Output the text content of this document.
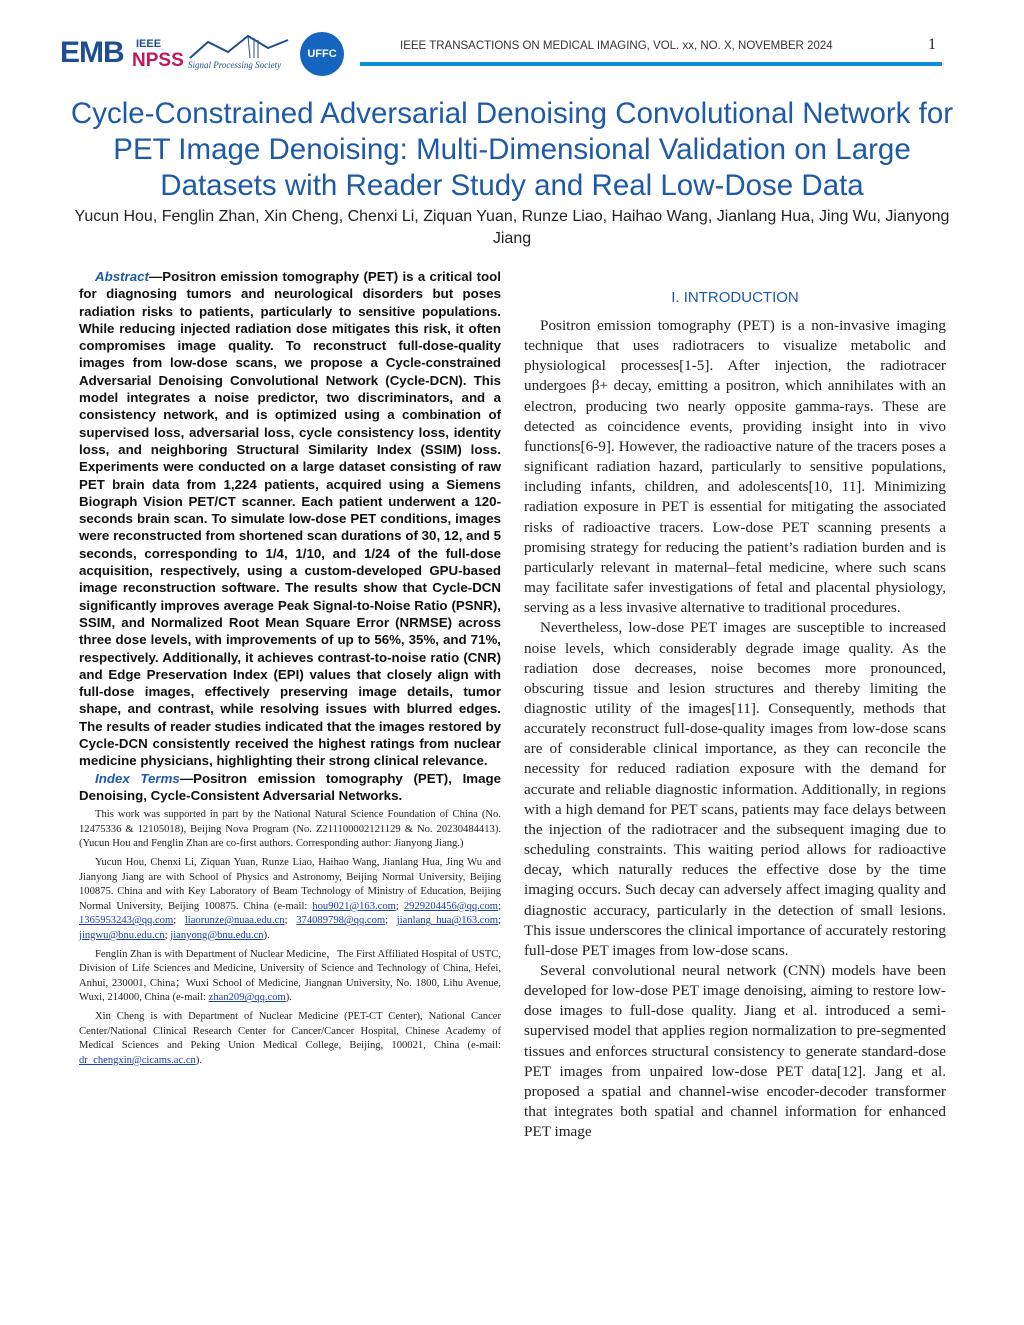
EMB IEEE
NPSS Signal Processing Society
UFFC
IEEE TRANSACTIONS ON MEDICAL IMAGING, VOL. xx, NO. X, NOVEMBER 2024	1
Cycle-Constrained Adversarial Denoising Convolutional Network for PET Image Denoising: Multi-Dimensional Validation on Large Datasets with Reader Study and Real Low-Dose Data
Yucun Hou, Fenglin Zhan, Xin Cheng, Chenxi Li, Ziquan Yuan, Runze Liao, Haihao Wang, Jianlang Hua, Jing Wu, Jianyong Jiang

Abstract—Positron emission tomography (PET) is a critical tool for diagnosing tumors and neurological disorders but poses radiation risks to patients, particularly to sensitive populations. While reducing injected radiation dose mitigates this risk, it often compromises image quality. To reconstruct full-dose-quality images from low-dose scans, we propose a Cycle-constrained Adversarial Denoising Convolutional Network (Cycle-DCN). This model integrates a noise predictor, two discriminators, and a consistency network, and is optimized using a combination of supervised loss, adversarial loss, cycle consistency loss, identity loss, and neighboring Structural Similarity Index (SSIM) loss. Experiments were conducted on a large dataset consisting of raw PET brain data from 1,224 patients, acquired using a Siemens Biograph Vision PET/CT scanner. Each patient underwent a 120-seconds brain scan. To simulate low-dose PET conditions, images were reconstructed from shortened scan durations of 30, 12, and 5 seconds, corresponding to 1/4, 1/10, and 1/24 of the full-dose acquisition, respectively, using a custom-developed GPU-based image reconstruction software. The results show that Cycle-DCN significantly improves average Peak Signal-to-Noise Ratio (PSNR), SSIM, and Normalized Root Mean Square Error (NRMSE) across three dose levels, with improvements of up to 56%, 35%, and 71%, respectively. Additionally, it achieves contrast-to-noise ratio (CNR) and Edge Preservation Index (EPI) values that closely align with full-dose images, effectively preserving image details, tumor shape, and contrast, while resolving issues with blurred edges. The results of reader studies indicated that the images restored by Cycle-DCN consistently received the highest ratings from nuclear medicine physicians, highlighting their strong clinical relevance.

Index Terms—Positron emission tomography (PET), Image Denoising, Cycle-Consistent Adversarial Networks.

This work was supported in part by the National Natural Science Foundation of China (No. 12475336 & 12105018), Beijing Nova Program (No. Z211100002121129 & No. 20230484413). (Yucun Hou and Fenglin Zhan are co-first authors. Corresponding author: Jianyong Jiang.)

Yucun Hou, Chenxi Li, Ziquan Yuan, Runze Liao, Haihao Wang, Jianlang Hua, Jing Wu and Jianyong Jiang are with School of Physics and Astronomy, Beijing Normal University, Beijing 100875. China and with Key Laboratory of Beam Technology of Ministry of Education, Beijing Normal University, Beijing 100875. China (e-mail: hou9021@163.com; 2929204456@qq.com; 1365953243@qq.com; liaorunze@nuaa.edu.cn; 374089798@qq.com; jianlang_hua@163.com; jingwu@bnu.edu.cn; jianyong@bnu.edu.cn).

Fenglin Zhan is with Department of Nuclear Medicine，The First Affiliated Hospital of USTC, Division of Life Sciences and Medicine, University of Science and Technology of China, Hefei, Anhui, 230001, China；Wuxi School of Medicine, Jiangnan University, No. 1800, Lihu Avenue, Wuxi, 214000, China (e-mail: zhan209@qq.com).

Xin Cheng is with Department of Nuclear Medicine (PET-CT Center), National Cancer Center/National Clinical Research Center for Cancer/Cancer Hospital, Chinese Academy of Medical Sciences and Peking Union Medical College, Beijing, 100021, China (e-mail: dr_chengxin@cicams.ac.cn).

I. INTRODUCTION

Positron emission tomography (PET) is a non-invasive imaging technique that uses radiotracers to visualize metabolic and physiological processes[1-5]. After injection, the radiotracer undergoes β+ decay, emitting a positron, which annihilates with an electron, producing two nearly opposite gamma-rays. These are detected as coincidence events, providing insight into in vivo functions[6-9]. However, the radioactive nature of the tracers poses a significant radiation hazard, particularly to sensitive populations, including infants, children, and adolescents[10, 11]. Minimizing radiation exposure in PET is essential for mitigating the associated risks of radioactive tracers. Low-dose PET scanning presents a promising strategy for reducing the patient’s radiation burden and is particularly relevant in maternal–fetal medicine, where such scans may facilitate safer investigations of fetal and placental physiology, serving as a less invasive alternative to traditional procedures.

Nevertheless, low-dose PET images are susceptible to increased noise levels, which considerably degrade image quality. As the radiation dose decreases, noise becomes more pronounced, obscuring tissue and lesion structures and thereby limiting the diagnostic utility of the images[11]. Consequently, methods that accurately reconstruct full-dose-quality images from low-dose scans are of considerable clinical importance, as they can reconcile the necessity for reduced radiation exposure with the demand for accurate and reliable diagnostic information. Additionally, in regions with a high demand for PET scans, patients may face delays between the injection of the radiotracer and the subsequent imaging due to scheduling constraints. This waiting period allows for radioactive decay, which naturally reduces the effective dose by the time imaging occurs. Such decay can adversely affect imaging quality and diagnostic accuracy, particularly in the detection of small lesions. This issue underscores the clinical importance of accurately restoring full-dose PET images from low-dose scans.

Several convolutional neural network (CNN) models have been developed for low-dose PET image denoising, aiming to restore low-dose images to full-dose quality. Jiang et al. introduced a semi-supervised model that applies region normalization to pre-segmented tissues and enforces structural consistency to generate standard-dose PET images from unpaired low-dose PET data[12]. Jang et al. proposed a spatial and channel-wise encoder-decoder transformer that integrates both spatial and channel information for enhanced PET image
